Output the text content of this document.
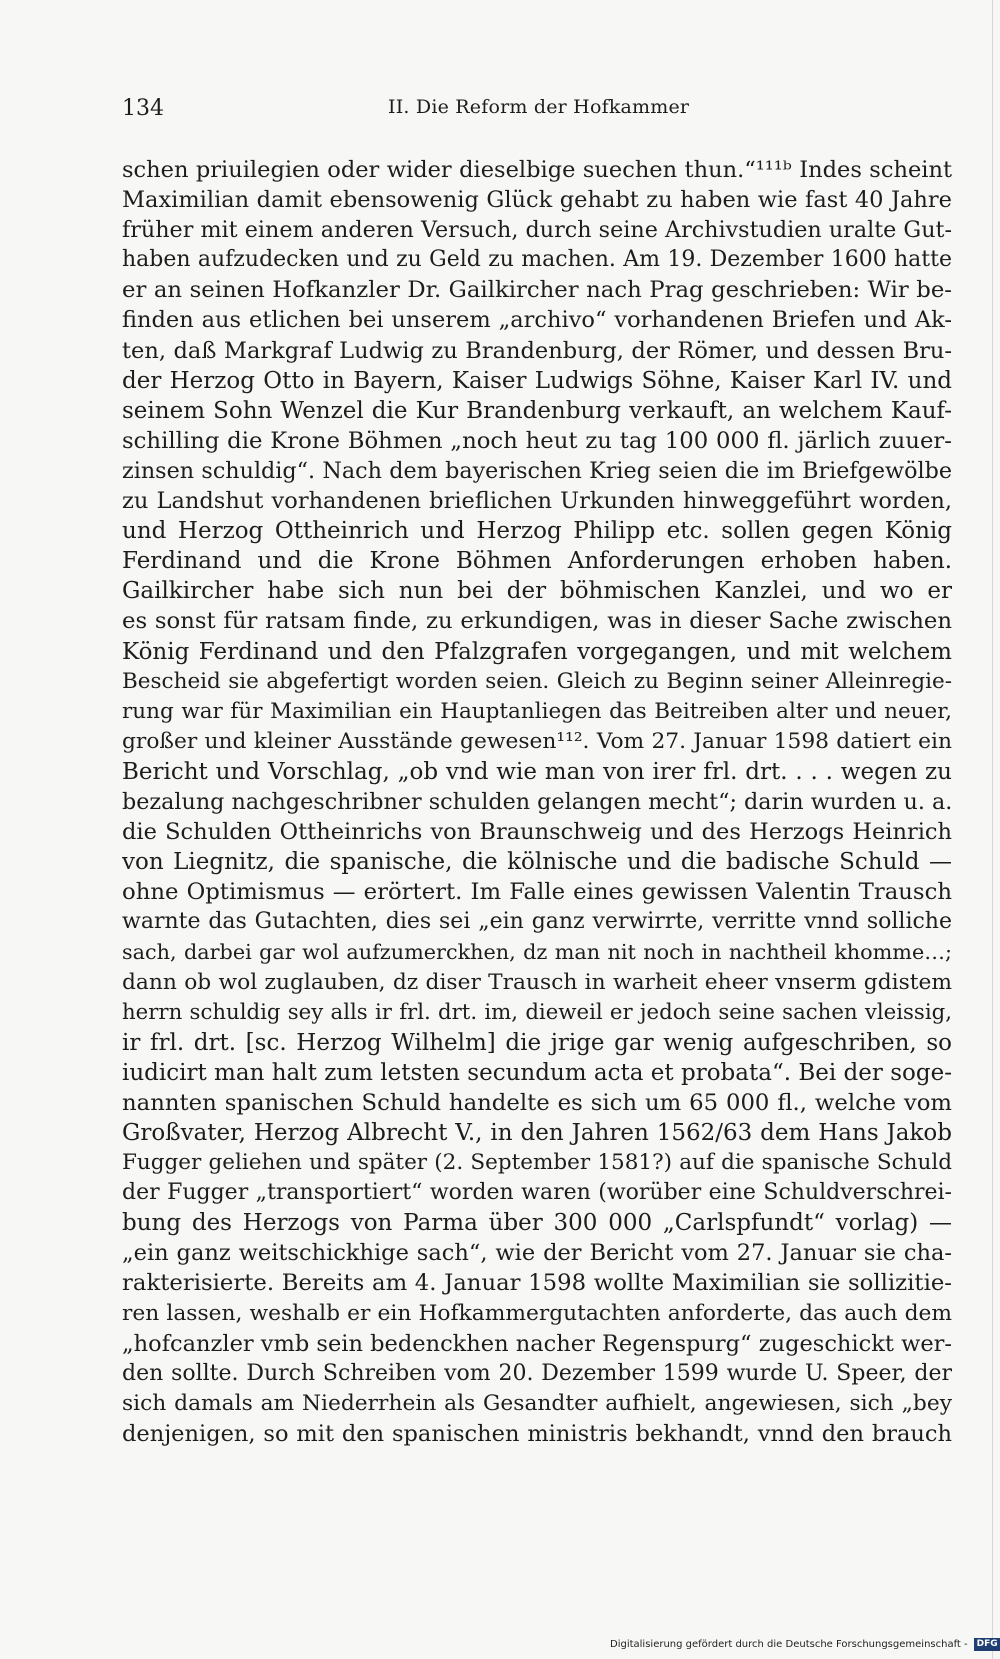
134	II. Die Reform der Hofkammer
schen priuilegien oder wider dieselbige suechen thun.“¹¹¹ᵇ Indes scheint
Maximilian damit ebensowenig Glück gehabt zu haben wie fast 40 Jahre
früher mit einem anderen Versuch, durch seine Archivstudien uralte Gut-
haben aufzudecken und zu Geld zu machen. Am 19. Dezember 1600 hatte
er an seinen Hofkanzler Dr. Gailkircher nach Prag geschrieben: Wir be-
finden aus etlichen bei unserem „archivo“ vorhandenen Briefen und Ak-
ten, daß Markgraf Ludwig zu Brandenburg, der Römer, und dessen Bru-
der Herzog Otto in Bayern, Kaiser Ludwigs Söhne, Kaiser Karl IV. und
seinem Sohn Wenzel die Kur Brandenburg verkauft, an welchem Kauf-
schilling die Krone Böhmen „noch heut zu tag 100 000 fl. järlich zuuer-
zinsen schuldig“. Nach dem bayerischen Krieg seien die im Briefgewölbe
zu Landshut vorhandenen brieflichen Urkunden hinweggeführt worden,
und Herzog Ottheinrich und Herzog Philipp etc. sollen gegen König
Ferdinand und die Krone Böhmen Anforderungen erhoben haben.
Gailkircher habe sich nun bei der böhmischen Kanzlei, und wo er
es sonst für ratsam finde, zu erkundigen, was in dieser Sache zwischen
König Ferdinand und den Pfalzgrafen vorgegangen, und mit welchem
Bescheid sie abgefertigt worden seien. Gleich zu Beginn seiner Alleinregie-
rung war für Maximilian ein Hauptanliegen das Beitreiben alter und neuer,
großer und kleiner Ausstände gewesen¹¹². Vom 27. Januar 1598 datiert ein
Bericht und Vorschlag, „ob vnd wie man von irer frl. drt. . . . wegen zu
bezalung nachgeschribner schulden gelangen mecht“; darin wurden u. a.
die Schulden Ottheinrichs von Braunschweig und des Herzogs Heinrich
von Liegnitz, die spanische, die kölnische und die badische Schuld —
ohne Optimismus — erörtert. Im Falle eines gewissen Valentin Trausch
warnte das Gutachten, dies sei „ein ganz verwirrte, verritte vnnd solliche
sach, darbei gar wol aufzumerckhen, dz man nit noch in nachtheil khomme…;
dann ob wol zuglauben, dz diser Trausch in warheit eheer vnserm gdistem
herrn schuldig sey alls ir frl. drt. im, dieweil er jedoch seine sachen vleissig,
ir frl. drt. [sc. Herzog Wilhelm] die jrige gar wenig aufgeschriben, so
iudicirt man halt zum letsten secundum acta et probata“. Bei der soge-
nannten spanischen Schuld handelte es sich um 65 000 fl., welche vom
Großvater, Herzog Albrecht V., in den Jahren 1562/63 dem Hans Jakob
Fugger geliehen und später (2. September 1581?) auf die spanische Schuld
der Fugger „transportiert“ worden waren (worüber eine Schuldverschrei-
bung des Herzogs von Parma über 300 000 „Carlspfundt“ vorlag) —
„ein ganz weitschickhige sach“, wie der Bericht vom 27. Januar sie cha-
rakterisierte. Bereits am 4. Januar 1598 wollte Maximilian sie sollizitie-
ren lassen, weshalb er ein Hofkammergutachten anforderte, das auch dem
„hofcanzler vmb sein bedenckhen nacher Regenspurg“ zugeschickt wer-
den sollte. Durch Schreiben vom 20. Dezember 1599 wurde U. Speer, der
sich damals am Niederrhein als Gesandter aufhielt, angewiesen, sich „bey
denjenigen, so mit den spanischen ministris bekhandt, vnnd den brauch
Digitalisierung gefördert durch die Deutsche Forschungsgemeinschaft -	DFG
